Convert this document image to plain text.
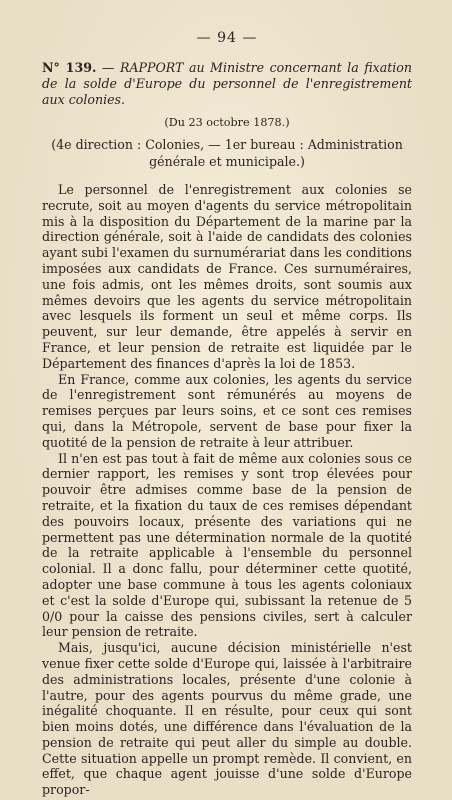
— 94 —
N° 139. — RAPPORT au Ministre concernant la fixation de la solde d'Europe du personnel de l'enregistrement aux colonies.
(Du 23 octobre 1878.)
(4e direction : Colonies, — 1er bureau : Administration générale et municipale.)

Le personnel de l'enregistrement aux colonies se recrute, soit au moyen d'agents du service métropolitain mis à la disposition du Département de la marine par la direction générale, soit à l'aide de candidats des colonies ayant subi l'examen du surnumérariat dans les conditions imposées aux candidats de France. Ces surnuméraires, une fois admis, ont les mêmes droits, sont soumis aux mêmes devoirs que les agents du service métropolitain avec lesquels ils forment un seul et même corps. Ils peuvent, sur leur demande, être appelés à servir en France, et leur pension de retraite est liquidée par le Département des finances d'après la loi de 1853.

En France, comme aux colonies, les agents du service de l'enregistrement sont rémunérés au moyens de remises perçues par leurs soins, et ce sont ces remises qui, dans la Métropole, servent de base pour fixer la quotité de la pension de retraite à leur attribuer.

Il n'en est pas tout à fait de même aux colonies sous ce dernier rapport, les remises y sont trop élevées pour pouvoir être admises comme base de la pension de retraite, et la fixation du taux de ces remises dépendant des pouvoirs locaux, présente des variations qui ne permettent pas une détermination normale de la quotité de la retraite applicable à l'ensemble du personnel colonial. Il a donc fallu, pour déterminer cette quotité, adopter une base commune à tous les agents coloniaux et c'est la solde d'Europe qui, subissant la retenue de 5 0/0 pour la caisse des pensions civiles, sert à calculer leur pension de retraite.

Mais, jusqu'ici, aucune décision ministérielle n'est venue fixer cette solde d'Europe qui, laissée à l'arbitraire des administrations locales, présente d'une colonie à l'autre, pour des agents pourvus du même grade, une inégalité choquante. Il en résulte, pour ceux qui sont bien moins dotés, une différence dans l'évaluation de la pension de retraite qui peut aller du simple au double. Cette situation appelle un prompt remède. Il convient, en effet, que chaque agent jouisse d'une solde d'Europe propor-
